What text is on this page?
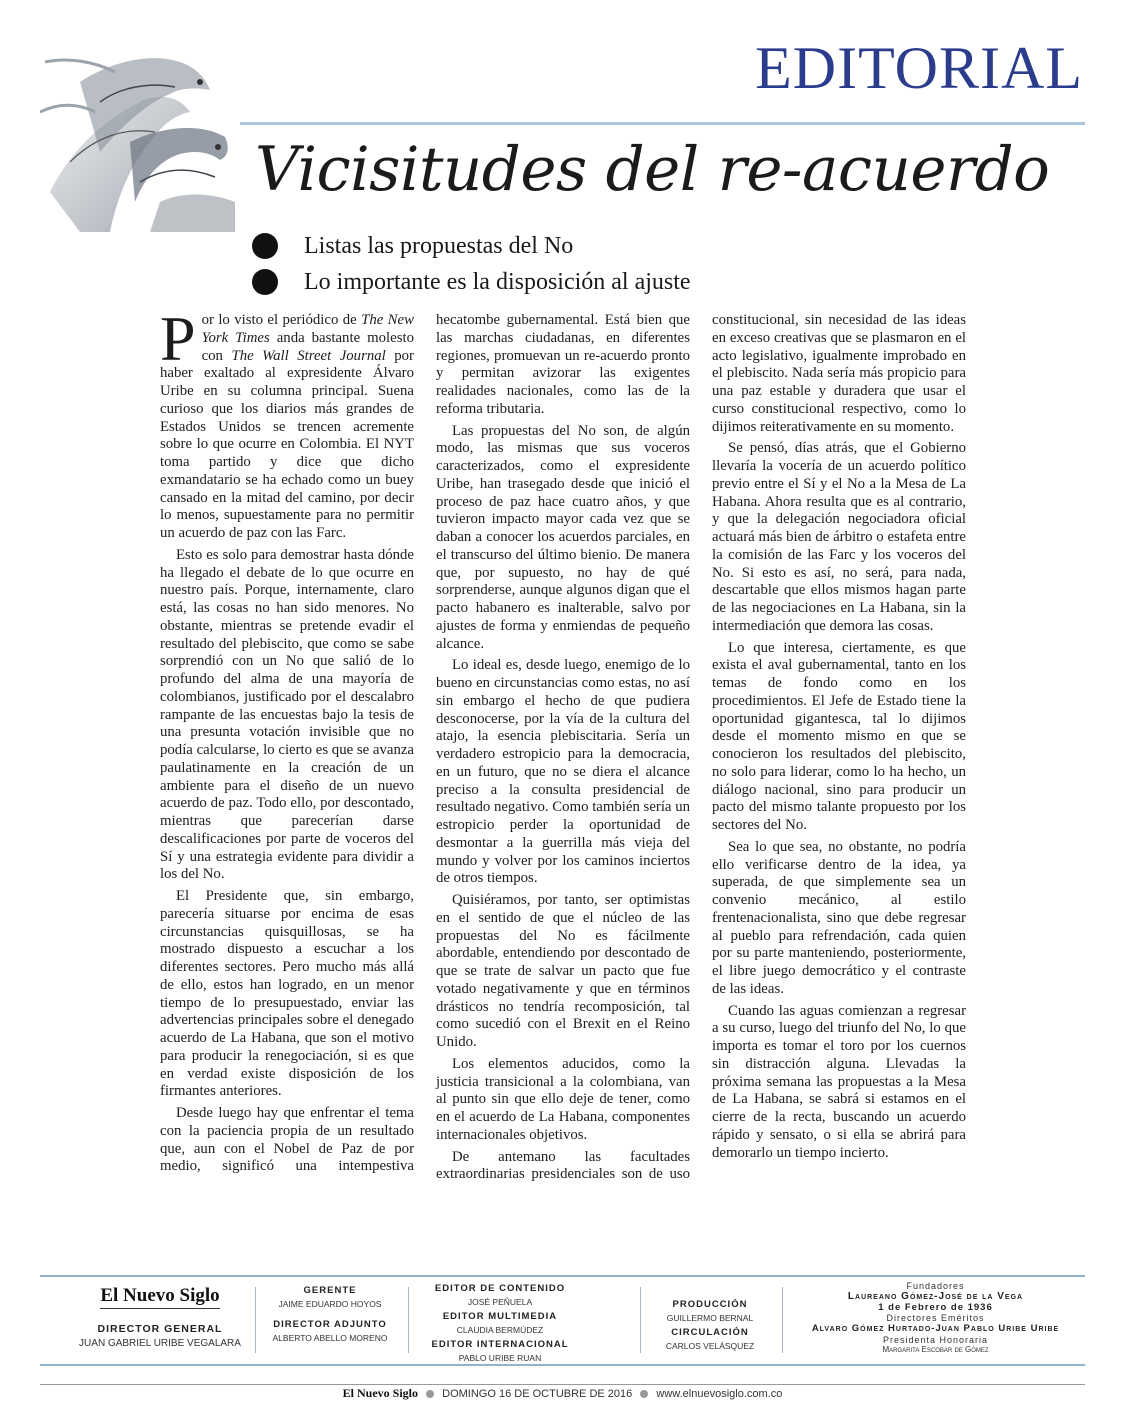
EDITORIAL
Vicisitudes del re-acuerdo
Listas las propuestas del No
Lo importante es la disposición al ajuste

Por lo visto el periódico de The New York Times anda bastante molesto con The Wall Street Journal por haber exaltado al expresidente Álvaro Uribe en su columna principal. Suena curioso que los diarios más grandes de Estados Unidos se trencen acremente sobre lo que ocurre en Colombia. El NYT toma partido y dice que dicho exmandatario se ha echado como un buey cansado en la mitad del camino, por decir lo menos, supuestamente para no permitir un acuerdo de paz con las Farc.

Esto es solo para demostrar hasta dónde ha llegado el debate de lo que ocurre en nuestro país. Porque, internamente, claro está, las cosas no han sido menores. No obstante, mientras se pretende evadir el resultado del plebiscito, que como se sabe sorprendió con un No que salió de lo profundo del alma de una mayoría de colombianos, justificado por el descalabro rampante de las encuestas bajo la tesis de una presunta votación invisible que no podía calcularse, lo cierto es que se avanza paulatinamente en la creación de un ambiente para el diseño de un nuevo acuerdo de paz. Todo ello, por descontado, mientras que parecerían darse descalificaciones por parte de voceros del Sí y una estrategia evidente para dividir a los del No.

El Presidente que, sin embargo, parecería situarse por encima de esas circunstancias quisquillosas, se ha mostrado dispuesto a escuchar a los diferentes sectores. Pero mucho más allá de ello, estos han logrado, en un menor tiempo de lo presupuestado, enviar las advertencias principales sobre el denegado acuerdo de La Habana, que son el motivo para producir la renegociación, si es que en verdad existe disposición de los firmantes anteriores.

Desde luego hay que enfrentar el tema con la paciencia propia de un resultado que, aun con el Nobel de Paz de por medio, significó una intempestiva hecatombe gubernamental. Está bien que las marchas ciudadanas, en diferentes regiones, promuevan un re-acuerdo pronto y permitan avizorar las exigentes realidades nacionales, como las de la reforma tributaria.

Las propuestas del No son, de algún modo, las mismas que sus voceros caracterizados, como el expresidente Uribe, han trasegado desde que inició el proceso de paz hace cuatro años, y que tuvieron impacto mayor cada vez que se daban a conocer los acuerdos parciales, en el transcurso del último bienio. De manera que, por supuesto, no hay de qué sorprenderse, aunque algunos digan que el pacto habanero es inalterable, salvo por ajustes de forma y enmiendas de pequeño alcance.

Lo ideal es, desde luego, enemigo de lo bueno en circunstancias como estas, no así sin embargo el hecho de que pudiera desconocerse, por la vía de la cultura del atajo, la esencia plebiscitaria. Sería un verdadero estropicio para la democracia, en un futuro, que no se diera el alcance preciso a la consulta presidencial de resultado negativo. Como también sería un estropicio perder la oportunidad de desmontar a la guerrilla más vieja del mundo y volver por los caminos inciertos de otros tiempos.

Quisiéramos, por tanto, ser optimistas en el sentido de que el núcleo de las propuestas del No es fácilmente abordable, entendiendo por descontado de que se trate de salvar un pacto que fue votado negativamente y que en términos drásticos no tendría recomposición, tal como sucedió con el Brexit en el Reino Unido.

Los elementos aducidos, como la justicia transicional a la colombiana, van al punto sin que ello deje de tener, como en el acuerdo de La Habana, componentes internacionales objetivos.

De antemano las facultades extraordinarias presidenciales son de uso constitucional, sin necesidad de las ideas en exceso creativas que se plasmaron en el acto legislativo, igualmente improbado en el plebiscito. Nada sería más propicio para una paz estable y duradera que usar el curso constitucional respectivo, como lo dijimos reiterativamente en su momento.

Se pensó, días atrás, que el Gobierno llevaría la vocería de un acuerdo político previo entre el Sí y el No a la Mesa de La Habana. Ahora resulta que es al contrario, y que la delegación negociadora oficial actuará más bien de árbitro o estafeta entre la comisión de las Farc y los voceros del No. Si esto es así, no será, para nada, descartable que ellos mismos hagan parte de las negociaciones en La Habana, sin la intermediación que demora las cosas.

Lo que interesa, ciertamente, es que exista el aval gubernamental, tanto en los temas de fondo como en los procedimientos. El Jefe de Estado tiene la oportunidad gigantesca, tal lo dijimos desde el momento mismo en que se conocieron los resultados del plebiscito, no solo para liderar, como lo ha hecho, un diálogo nacional, sino para producir un pacto del mismo talante propuesto por los sectores del No.

Sea lo que sea, no obstante, no podría ello verificarse dentro de la idea, ya superada, de que simplemente sea un convenio mecánico, al estilo frentenacionalista, sino que debe regresar al pueblo para refrendación, cada quien por su parte manteniendo, posteriormente, el libre juego democrático y el contraste de las ideas.

Cuando las aguas comienzan a regresar a su curso, luego del triunfo del No, lo que importa es tomar el toro por los cuernos sin distracción alguna. Llevadas la próxima semana las propuestas a la Mesa de La Habana, se sabrá si estamos en el cierre de la recta, buscando un acuerdo rápido y sensato, o si ella se abrirá para demorarlo un tiempo incierto.

El Nuevo Siglo
DIRECTOR GENERAL
JUAN GABRIEL URIBE VEGALARA
GERENTE
JAIME EDUARDO HOYOS
DIRECTOR ADJUNTO
ALBERTO ABELLO MORENO
EDITOR DE CONTENIDO
JOSÉ PEÑUELA
EDITOR MULTIMEDIA
CLAUDIA BERMÚDEZ
EDITOR INTERNACIONAL
PABLO URIBE RUAN
PRODUCCIÓN
GUILLERMO BERNAL
CIRCULACIÓN
CARLOS VELÁSQUEZ
Fundadores
Laureano Gómez-José de la Vega
1 de Febrero de 1936
Directores Eméritos
Alvaro Gómez Hurtado-Juan Pablo Uribe Uribe
Presidenta Honoraria
Margarita Escobar de Gómez
El Nuevo Siglo DOMINGO 16 DE OCTUBRE DE 2016 www.elnuevosiglo.com.co
